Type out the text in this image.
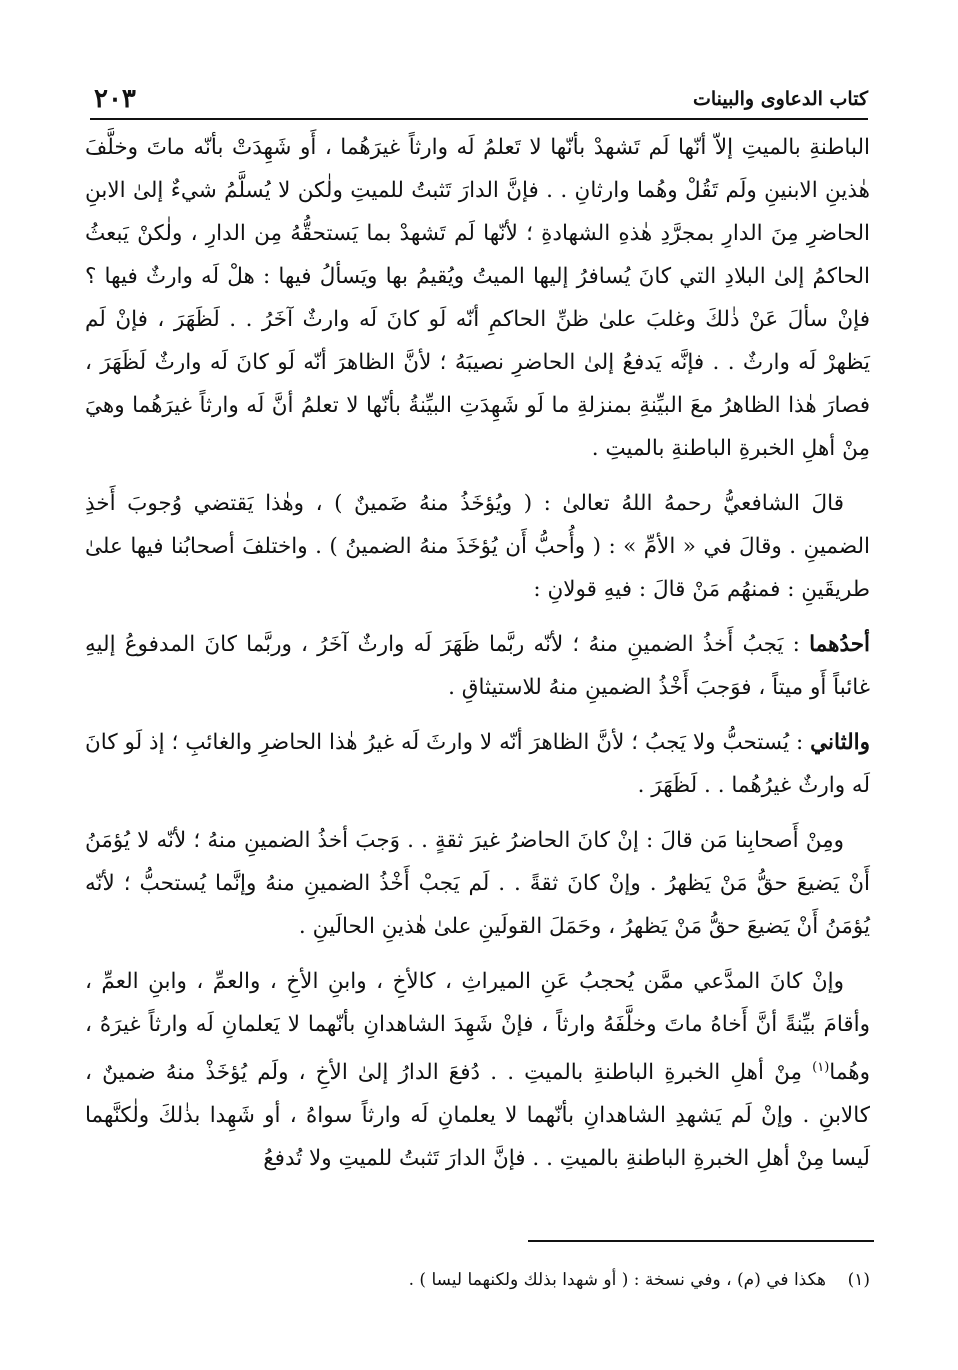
كتاب الدعاوى والبينات
٢٠٣

الباطنةِ بالميتِ إلاّ أنّها لَم تَشهدْ بأنّها لا تَعلمُ لَه وارثاً غيرَهُما ، أَو شَهِدَتْ بأنّه ماتَ وخلَّفَ هٰذينِ الابنينِ ولَم تَقُلْ وهُما وارثانِ . . فإنَّ الدارَ تَثبتُ للميتِ ولٰكن لا يُسلَّمُ شيءٌ إلىٰ الابنِ الحاضرِ مِنَ الدارِ بمجرَّدِ هٰذهِ الشهادةِ ؛ لأنّها لَم تَشهدْ بما يَستحقُّهُ مِن الدارِ ، ولٰكنْ يَبعثُ الحاكمُ إلىٰ البلادِ التي كانَ يُسافرُ إليها الميتُ ويُقيمُ بها ويَسألُ فيها : هلْ لَه وارثٌ فيها ؟ فإنْ سألَ عَنْ ذٰلكَ وغلبَ علىٰ ظنِّ الحاكمِ أنّه لَو كانَ لَه وارثٌ آخَرُ . . لَظَهَرَ ، فإنْ لَم يَظهرْ لَه وارثٌ . . فإنَّه يَدفعُ إلىٰ الحاضرِ نصيبَهُ ؛ لأنَّ الظاهرَ أنّه لَو كانَ لَه وارثٌ لَظَهَرَ ، فصارَ هٰذا الظاهرُ معَ البيِّنةِ بمنزلةِ ما لَو شَهِدَتِ البيِّنةُ بأنّها لا تعلمُ أنَّ لَه وارثاً غيرَهُما وهيَ مِنْ أهلِ الخبرةِ الباطنةِ بالميتِ .

قالَ الشافعيُّ رحمهُ اللهُ تعالىٰ : ( ويُؤخَذُ منهُ ضَمينٌ ) ، وهٰذا يَقتضي وُجوبَ أَخذِ الضمينِ . وقالَ في « الأمِّ » : ( وأُحبُّ أَن يُؤخَذَ منهُ الضمينُ ) . واختلفَ أصحابُنا فيها علىٰ طريقَينِ : فمنهُم مَنْ قالَ : فيهِ قولانِ :

أحدُهما : يَجبُ أَخذُ الضمينِ منهُ ؛ لأنّه ربَّما ظَهَرَ لَه وارثٌ آخَرُ ، وربَّما كانَ المدفوعُ إليهِ غائباً أَو ميتاً ، فوَجبَ أَخْذُ الضمينِ منهُ للاستيثاقِ .

والثاني : يُستحبُّ ولا يَجبُ ؛ لأنَّ الظاهرَ أنّه لا وارثَ لَه غيرُ هٰذا الحاضرِ والغائبِ ؛ إذ لَو كانَ لَه وارثٌ غيرُهُما . . لَظَهَرَ .

ومِنْ أَصحابِنا مَن قالَ : إنْ كانَ الحاضرُ غيرَ ثقةٍ . . وَجبَ أخذُ الضمينِ منهُ ؛ لأنّه لا يُؤمَنُ أَنْ يَضيعَ حقُّ مَنْ يَظهرُ . وإنْ كانَ ثقةً . . لَم يَجبْ أَخْذُ الضمينِ منهُ وإنَّما يُستحبُّ ؛ لأنّه يُؤمَنُ أَنْ يَضيعَ حقُّ مَنْ يَظهرُ ، وحَمَلَ القولَينِ علىٰ هٰذينِ الحالَينِ .

وإنْ كانَ المدَّعي ممَّن يُحجبُ عَنِ الميراثِ ، كالأخِ ، وابنِ الأخِ ، والعمِّ ، وابنِ العمِّ ، وأقامَ بيِّنةً أنَّ أَخاهُ ماتَ وخلَّفَهُ وارثاً ، فإنْ شَهِدَ الشاهدانِ بأنّهما لا يَعلمانِ لَه وارثاً غيرَهُ ، وهُما$^{(١)}$ مِنْ أهلِ الخبرةِ الباطنةِ بالميتِ . . دُفعَ الدارُ إلىٰ الأخِ ، ولَم يُؤخَذْ منهُ ضمينٌ ، كالابنِ . وإنْ لَم يَشهدِ الشاهدانِ بأنّهما لا يعلمانِ لَه وارثاً سواهُ ، أو شَهِدا بذٰلكَ ولٰكنَّهما لَيسا مِنْ أهلِ الخبرةِ الباطنةِ بالميتِ . . فإنَّ الدارَ تَثبتُ للميتِ ولا تُدفعُ

(١)    هكذا في (م) ، وفي نسخة : ( أو شهدا بذلك ولكنهما ليسا ) .
